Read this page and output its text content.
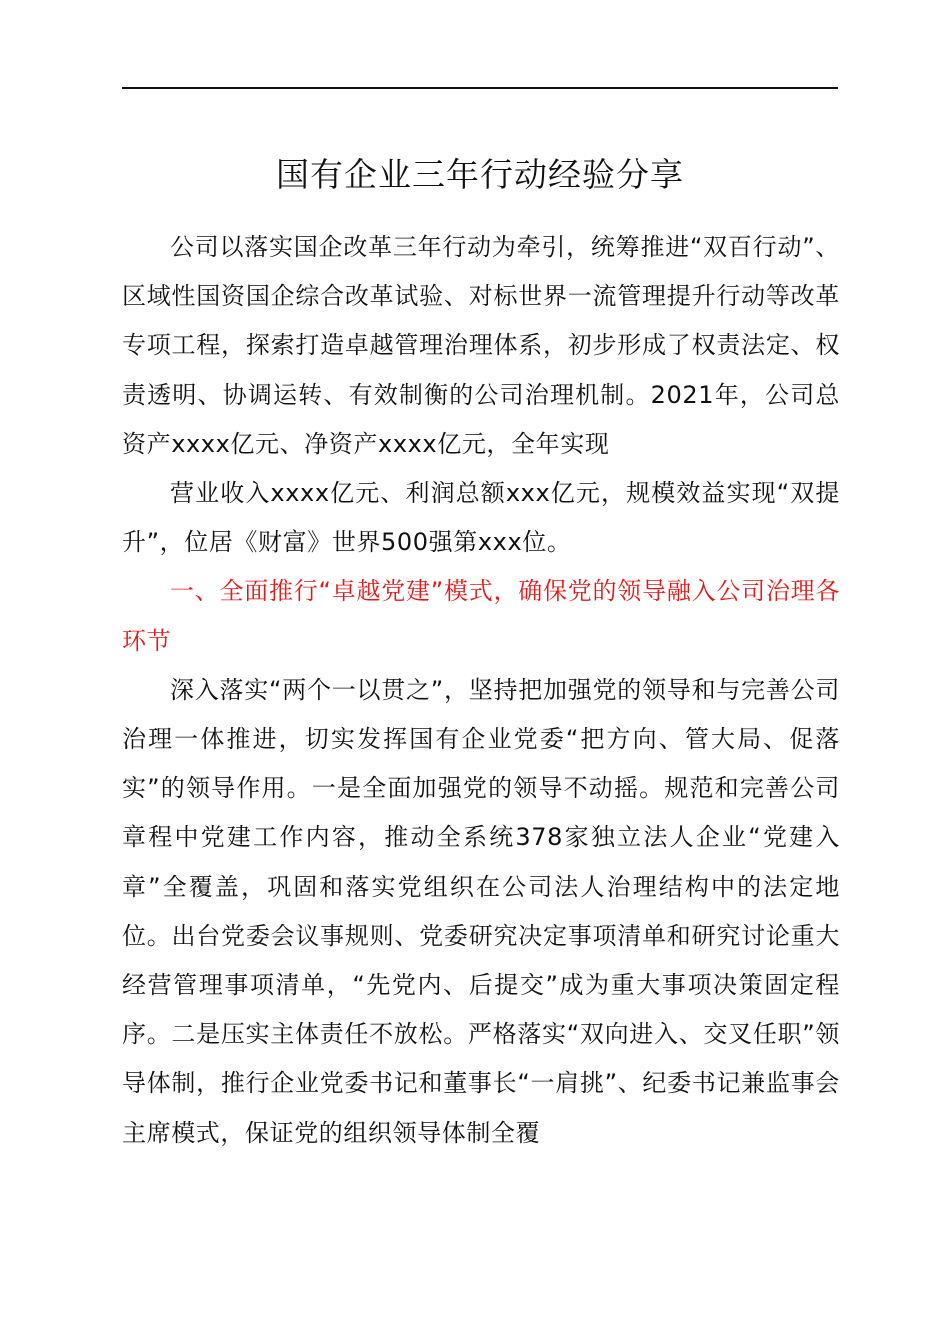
国有企业三年行动经验分享

公司以落实国企改革三年行动为牵引，统筹推进“双百行动”、区域性国资国企综合改革试验、对标世界一流管理提升行动等改革专项工程，探索打造卓越管理治理体系，初步形成了权责法定、权责透明、协调运转、有效制衡的公司治理机制。2021年，公司总资产xxxx亿元、净资产xxxx亿元，全年实现

营业收入xxxx亿元、利润总额xxx亿元，规模效益实现“双提升”，位居《财富》世界500强第xxx位。

一、全面推行“卓越党建”模式，确保党的领导融入公司治理各环节

深入落实“两个一以贯之”，坚持把加强党的领导和与完善公司治理一体推进，切实发挥国有企业党委“把方向、管大局、促落实”的领导作用。一是全面加强党的领导不动摇。规范和完善公司章程中党建工作内容，推动全系统378家独立法人企业“党建入章”全覆盖，巩固和落实党组织在公司法人治理结构中的法定地位。出台党委会议事规则、党委研究决定事项清单和研究讨论重大经营管理事项清单，“先党内、后提交”成为重大事项决策固定程序。二是压实主体责任不放松。严格落实“双向进入、交叉任职”领导体制，推行企业党委书记和董事长“一肩挑”、纪委书记兼监事会主席模式，保证党的组织领导体制全覆
